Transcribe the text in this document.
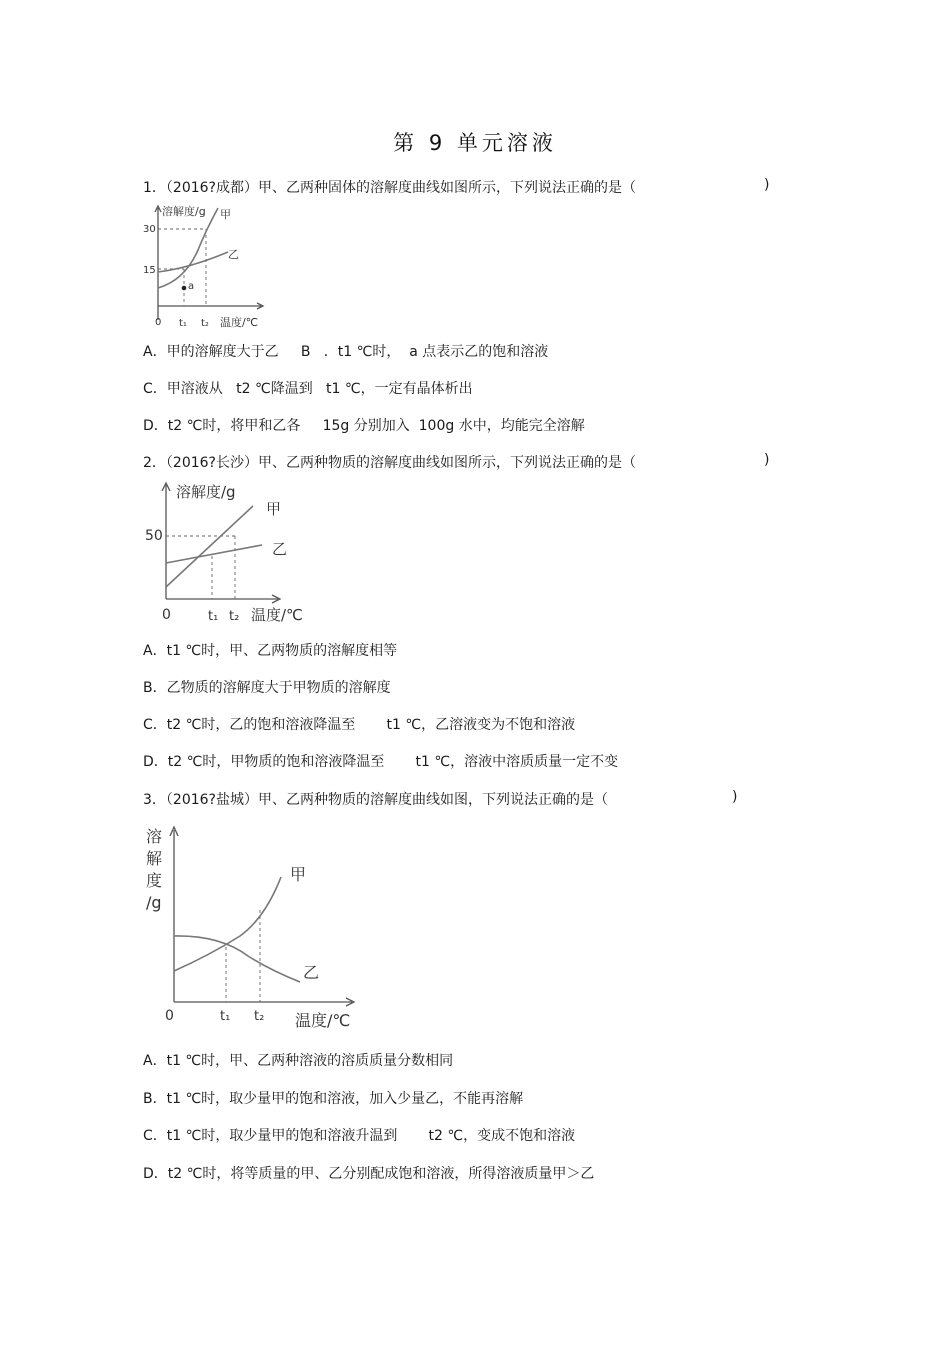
第 9 单元溶液
1．（2016?成都）甲、乙两种固体的溶解度曲线如图所示，下列说法正确的是（	)
溶解度/g
30
15
0 t₁ t₂ 温度/℃
甲
乙
a
A．甲的溶解度大于乙     B   ．t1 ℃时，  a 点表示乙的饱和溶液
C．甲溶液从   t2 ℃降温到   t1 ℃，一定有晶体析出
D．t2 ℃时，将甲和乙各     15g 分别加入  100g 水中，均能完全溶解
2．（2016?长沙）甲、乙两种物质的溶解度曲线如图所示，下列说法正确的是（	)
溶解度/g
50
0	t₁ t₂ 温度/℃
甲
乙
A．t1 ℃时，甲、乙两物质的溶解度相等
B．乙物质的溶解度大于甲物质的溶解度
C．t2 ℃时，乙的饱和溶液降温至       t1 ℃，乙溶液变为不饱和溶液
D．t2 ℃时，甲物质的饱和溶液降温至       t1 ℃，溶液中溶质质量一定不变
3．（2016?盐城）甲、乙两种物质的溶解度曲线如图，下列说法正确的是（	)
溶
解
度
/g
0	t₁ t₂ 温度/℃
甲
乙
A．t1 ℃时，甲、乙两种溶液的溶质质量分数相同
B．t1 ℃时，取少量甲的饱和溶液，加入少量乙，不能再溶解
C．t1 ℃时，取少量甲的饱和溶液升温到       t2 ℃，变成不饱和溶液
D．t2 ℃时，将等质量的甲、乙分别配成饱和溶液，所得溶液质量甲＞乙
